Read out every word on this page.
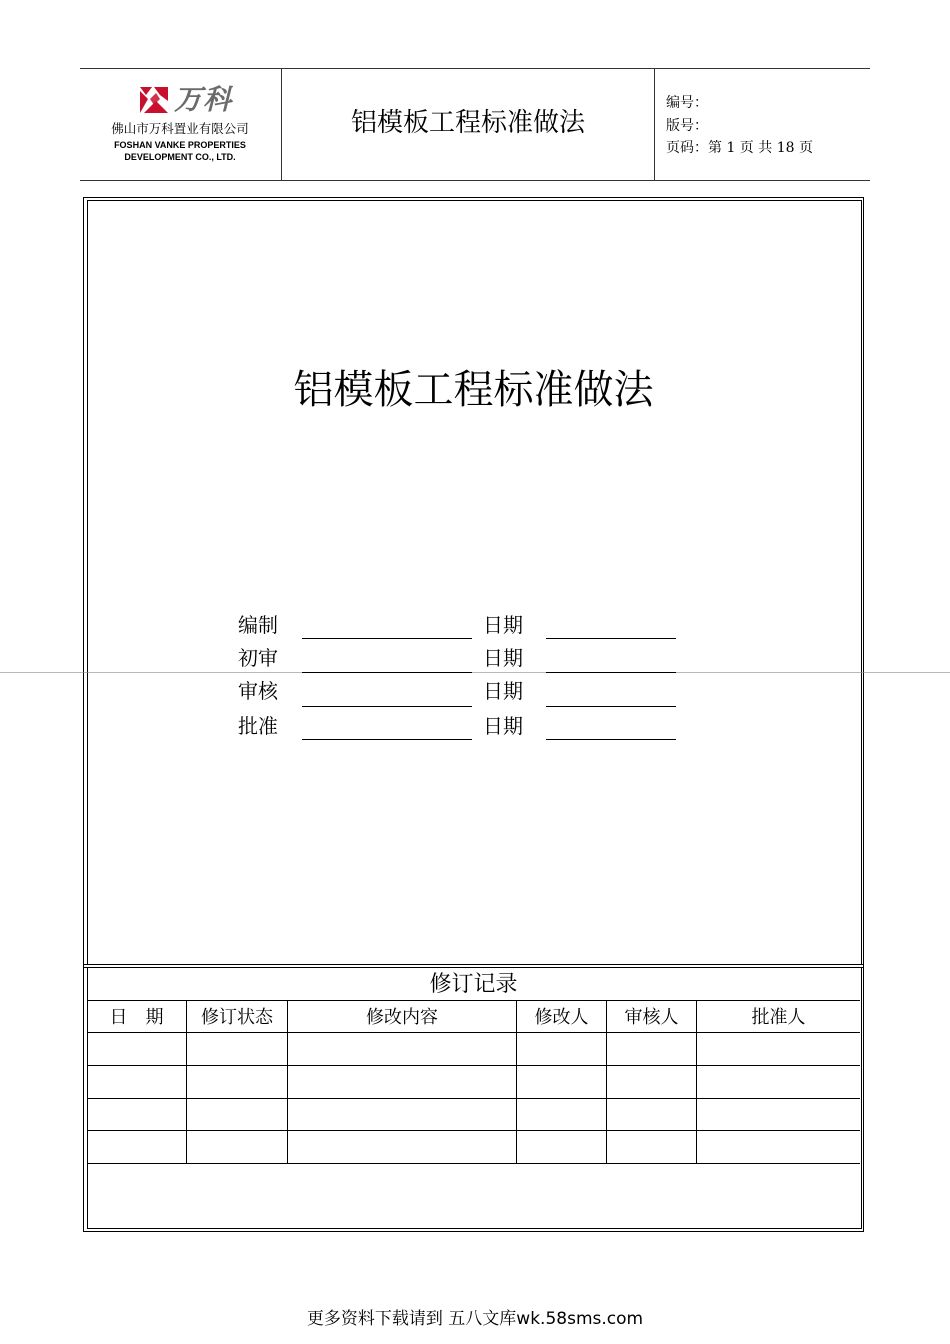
万科
佛山市万科置业有限公司
FOSHAN VANKE PROPERTIES
DEVELOPMENT CO., LTD.
铝模板工程标准做法
编号：
版号：
页码：第 1 页 共 18 页
铝模板工程标准做法
编制	日期
初审	日期
审核	日期
批准	日期
修订记录
日　期	修订状态	修改内容	修改人	审核人	批准人
更多资料下载请到 五八文库wk.58sms.com
